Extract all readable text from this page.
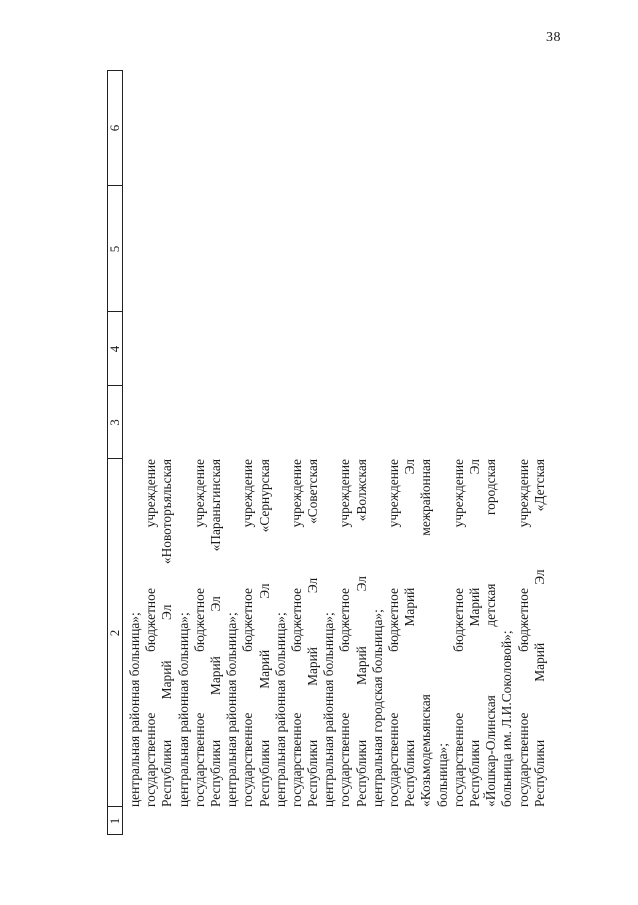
38
1
2
3
4
5
6
центральная районная больница»; государственное
бюджетное
учреждение
Республики
Марий
Эл
«Новоторъяльская
центральная районная больница»; государственное
бюджетное
учреждение
Республики
Марий
Эл
«Параньгинская
центральная районная больница»; государственное
бюджетное
учреждение
Республики
Марий
Эл
«Сернурская
центральная районная больница»; государственное
бюджетное
учреждение
Республики
Марий
Эл
«Советская
центральная районная больница»; государственное
бюджетное
учреждение
Республики
Марий
Эл
«Волжская
центральная городская больница»; государственное
бюджетное
учреждение
Республики
Марий
Эл
«Козьмодемьянская
межрайонная
больница»; государственное
бюджетное
учреждение
Республики
Марий
Эл
«Йошкар-Олинская
детская
городская
больница им. Л.И.Соколовой»; государственное
бюджетное
учреждение
Республики
Марий
Эл
«Детская
